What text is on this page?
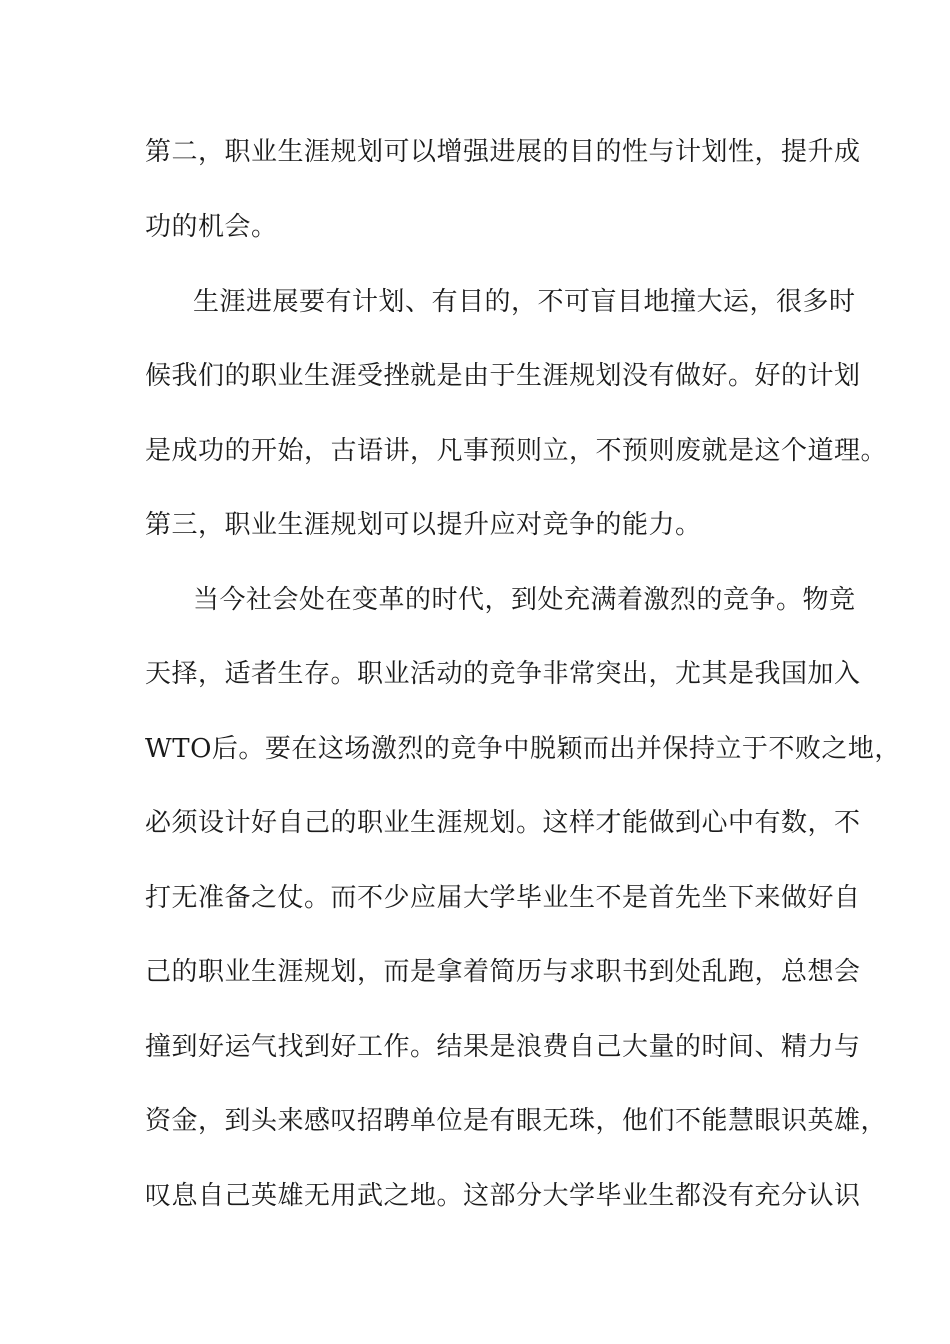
第二，职业生涯规划可以增强进展的目的性与计划性，提升成
功的机会。
生涯进展要有计划、有目的，不可盲目地撞大运，很多时
候我们的职业生涯受挫就是由于生涯规划没有做好。好的计划
是成功的开始，古语讲，凡事预则立，不预则废就是这个道理。
第三，职业生涯规划可以提升应对竞争的能力。
当今社会处在变革的时代，到处充满着激烈的竞争。物竞
天择，适者生存。职业活动的竞争非常突出，尤其是我国加入
WTO后。要在这场激烈的竞争中脱颖而出并保持立于不败之地，
必须设计好自己的职业生涯规划。这样才能做到心中有数，不
打无准备之仗。而不少应届大学毕业生不是首先坐下来做好自
己的职业生涯规划，而是拿着简历与求职书到处乱跑，总想会
撞到好运气找到好工作。结果是浪费自己大量的时间、精力与
资金，到头来感叹招聘单位是有眼无珠，他们不能慧眼识英雄，
叹息自己英雄无用武之地。这部分大学毕业生都没有充分认识
